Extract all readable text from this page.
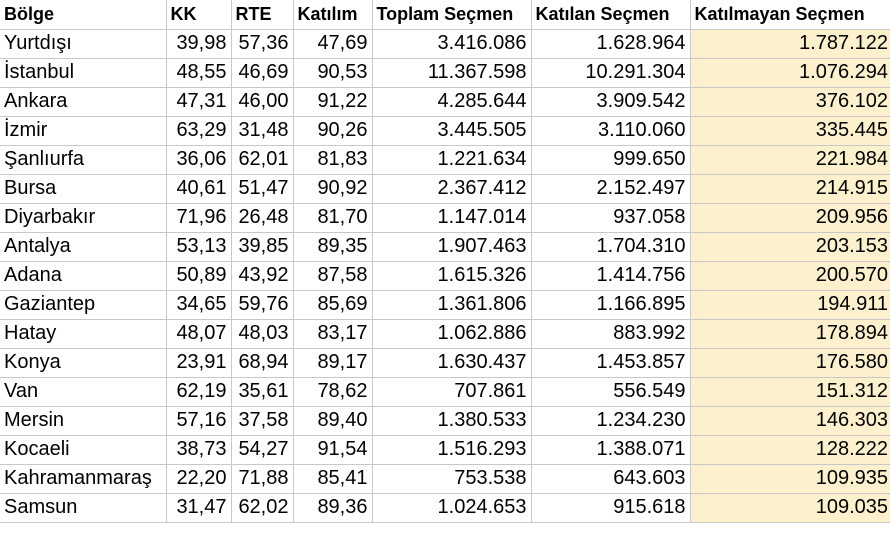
Bölge	KK	RTE	Katılım	Toplam Seçmen	Katılan Seçmen	Katılmayan Seçmen
Yurtdışı	39,98	57,36	47,69	3.416.086	1.628.964	1.787.122
İstanbul	48,55	46,69	90,53	11.367.598	10.291.304	1.076.294
Ankara	47,31	46,00	91,22	4.285.644	3.909.542	376.102
İzmir	63,29	31,48	90,26	3.445.505	3.110.060	335.445
Şanlıurfa	36,06	62,01	81,83	1.221.634	999.650	221.984
Bursa	40,61	51,47	90,92	2.367.412	2.152.497	214.915
Diyarbakır	71,96	26,48	81,70	1.147.014	937.058	209.956
Antalya	53,13	39,85	89,35	1.907.463	1.704.310	203.153
Adana	50,89	43,92	87,58	1.615.326	1.414.756	200.570
Gaziantep	34,65	59,76	85,69	1.361.806	1.166.895	194.911
Hatay	48,07	48,03	83,17	1.062.886	883.992	178.894
Konya	23,91	68,94	89,17	1.630.437	1.453.857	176.580
Van	62,19	35,61	78,62	707.861	556.549	151.312
Mersin	57,16	37,58	89,40	1.380.533	1.234.230	146.303
Kocaeli	38,73	54,27	91,54	1.516.293	1.388.071	128.222
Kahramanmaraş	22,20	71,88	85,41	753.538	643.603	109.935
Samsun	31,47	62,02	89,36	1.024.653	915.618	109.035
